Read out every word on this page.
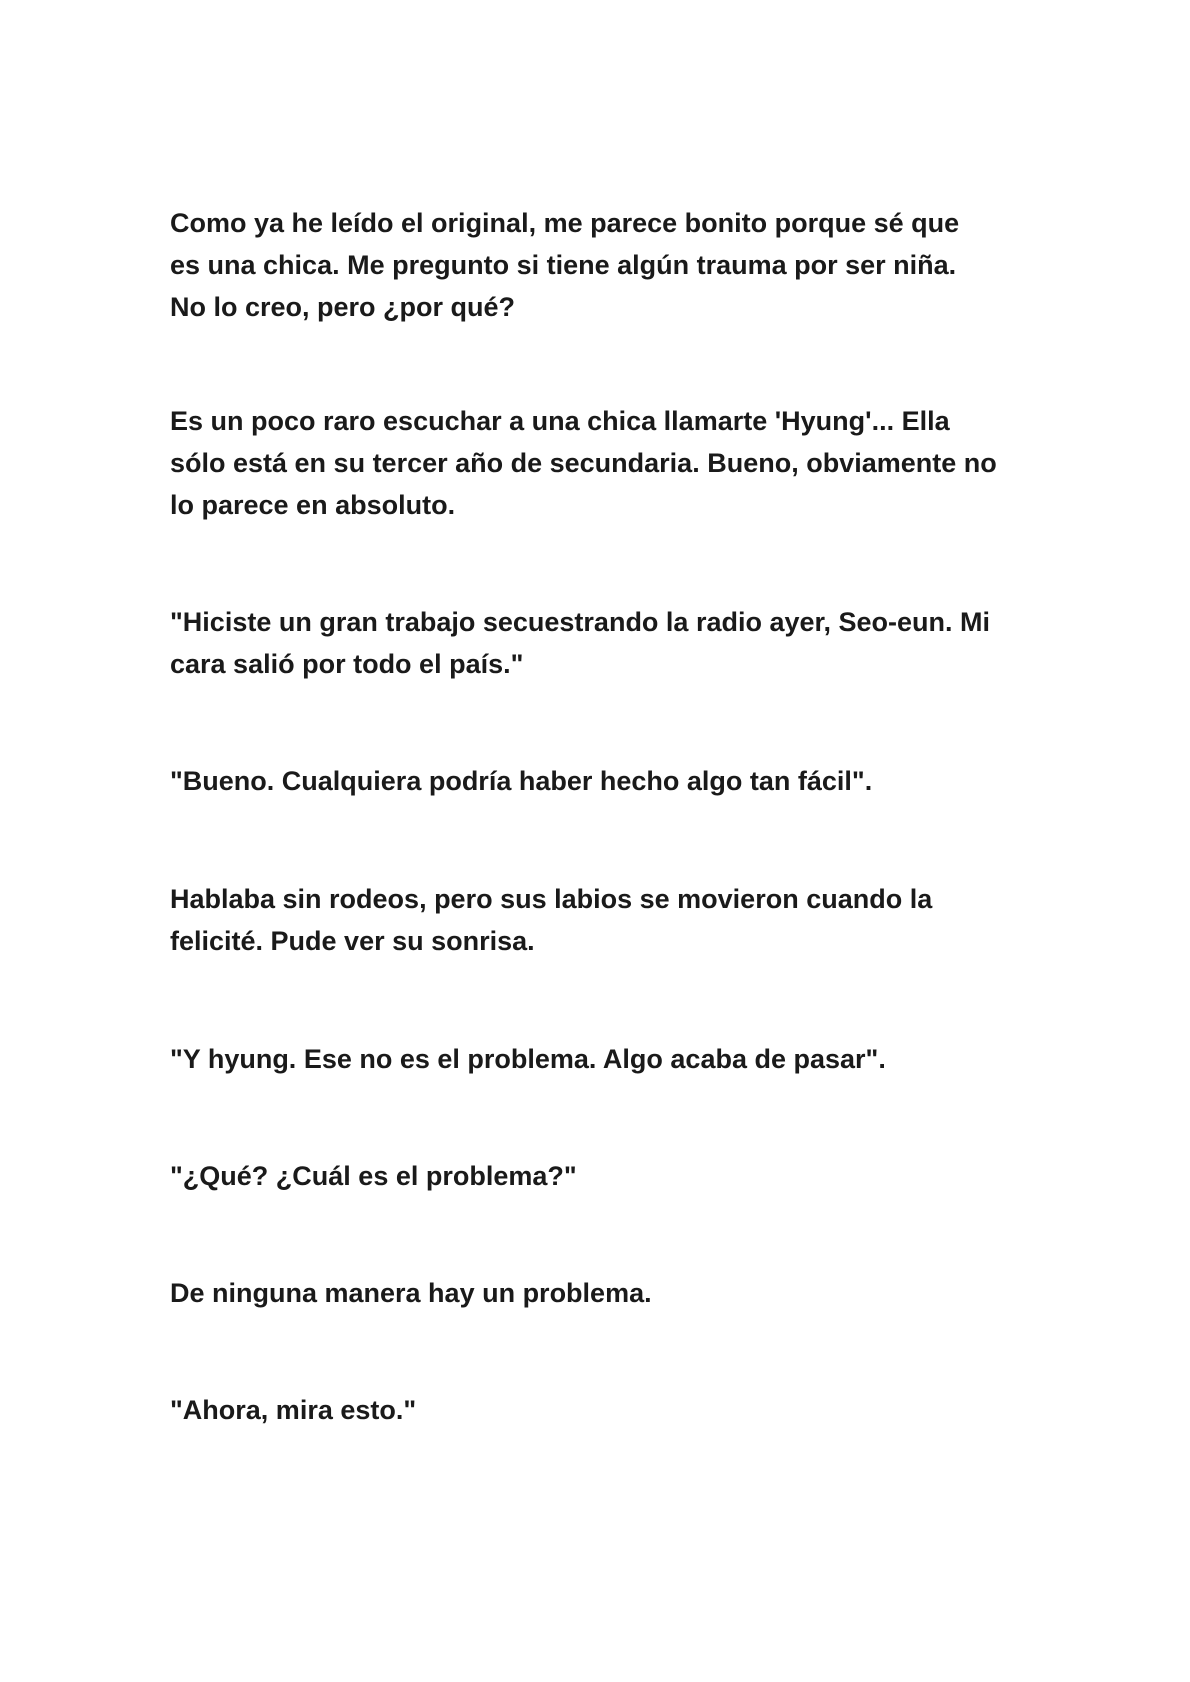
Como ya he leído el original, me parece bonito porque sé que
es una chica. Me pregunto si tiene algún trauma por ser niña.
No lo creo, pero ¿por qué?

Es un poco raro escuchar a una chica llamarte 'Hyung'... Ella
sólo está en su tercer año de secundaria. Bueno, obviamente no
lo parece en absoluto.

"Hiciste un gran trabajo secuestrando la radio ayer, Seo-eun. Mi
cara salió por todo el país."

"Bueno. Cualquiera podría haber hecho algo tan fácil".

Hablaba sin rodeos, pero sus labios se movieron cuando la
felicité. Pude ver su sonrisa.

"Y hyung. Ese no es el problema. Algo acaba de pasar".

"¿Qué? ¿Cuál es el problema?"

De ninguna manera hay un problema.

"Ahora, mira esto."
